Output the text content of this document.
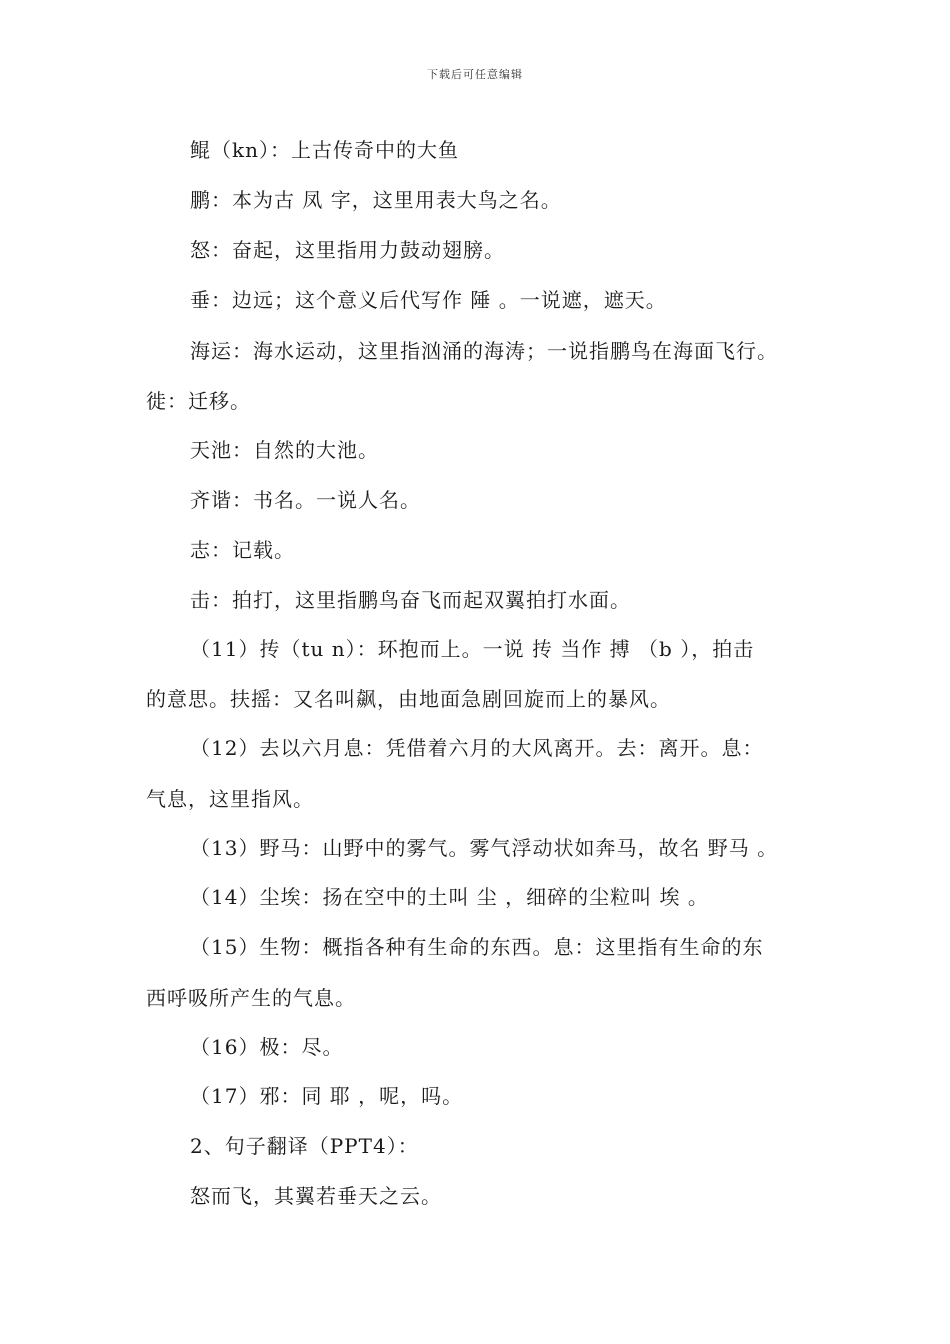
下载后可任意编辑
鲲（kn）：上古传奇中的大鱼
鹏：本为古 凤 字，这里用表大鸟之名。
怒：奋起，这里指用力鼓动翅膀。
垂：边远；这个意义后代写作 陲 。一说遮，遮天。
海运：海水运动，这里指汹涌的海涛；一说指鹏鸟在海面飞行。
徙：迁移。
天池：自然的大池。
齐谐：书名。一说人名。
志：记载。
击：拍打，这里指鹏鸟奋飞而起双翼拍打水面。
（11）抟（tu n）：环抱而上。一说 抟 当作 搏 （b ），拍击
的意思。扶摇：又名叫飙，由地面急剧回旋而上的暴风。
（12）去以六月息：凭借着六月的大风离开。去：离开。息：
气息，这里指风。
（13）野马：山野中的雾气。雾气浮动状如奔马，故名 野马 。
（14）尘埃：扬在空中的土叫 尘 ，细碎的尘粒叫 埃 。
（15）生物：概指各种有生命的东西。息：这里指有生命的东
西呼吸所产生的气息。
（16）极：尽。
（17）邪：同 耶 ，呢，吗。
2、句子翻译（PPT4）：
怒而飞，其翼若垂天之云。
